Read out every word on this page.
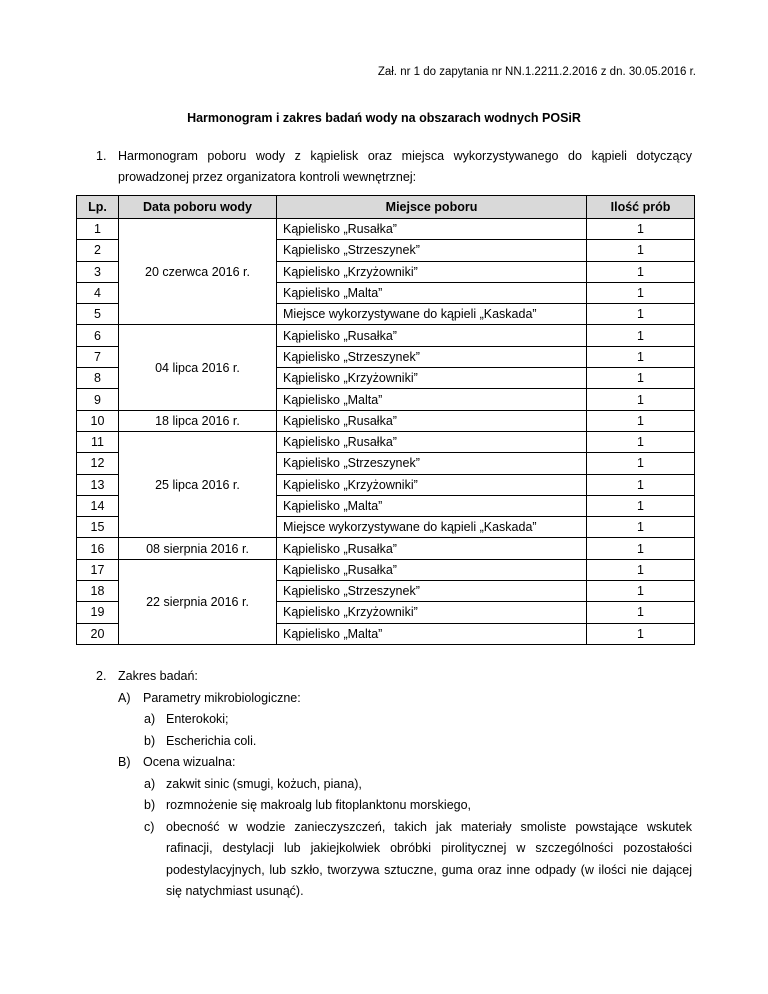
Zał. nr 1 do zapytania nr NN.1.2211.2.2016 z dn. 30.05.2016 r.
Harmonogram i zakres badań wody na obszarach wodnych POSiR
1. Harmonogram poboru wody z kąpielisk oraz miejsca wykorzystywanego do kąpieli dotyczący prowadzonej przez organizatora kontroli wewnętrznej:
Lp.	Data poboru wody	Miejsce poboru	Ilość prób
1	20 czerwca 2016 r.	Kąpielisko „Rusałka”	1
2		Kąpielisko „Strzeszynek”	1
3		Kąpielisko „Krzyżowniki”	1
4		Kąpielisko „Malta”	1
5		Miejsce wykorzystywane do kąpieli „Kaskada”	1
6	04 lipca 2016 r.	Kąpielisko „Rusałka”	1
7		Kąpielisko „Strzeszynek”	1
8		Kąpielisko „Krzyżowniki”	1
9		Kąpielisko „Malta”	1
10	18 lipca 2016 r.	Kąpielisko „Rusałka”	1
11	25 lipca 2016 r.	Kąpielisko „Rusałka”	1
12		Kąpielisko „Strzeszynek”	1
13		Kąpielisko „Krzyżowniki”	1
14		Kąpielisko „Malta”	1
15		Miejsce wykorzystywane do kąpieli „Kaskada”	1
16	08 sierpnia 2016 r.	Kąpielisko „Rusałka”	1
17	22 sierpnia 2016 r.	Kąpielisko „Rusałka”	1
18		Kąpielisko „Strzeszynek”	1
19		Kąpielisko „Krzyżowniki”	1
20		Kąpielisko „Malta”	1
2. Zakres badań:
A) Parametry mikrobiologiczne:
a) Enterokoki;
b) Escherichia coli.
B) Ocena wizualna:
a) zakwit sinic (smugi, kożuch, piana),
b) rozmnożenie się makroalg lub fitoplanktonu morskiego,
c) obecność w wodzie zanieczyszczeń, takich jak materiały smoliste powstające wskutek rafinacji, destylacji lub jakiejkolwiek obróbki pirolitycznej w szczególności pozostałości podestylacyjnych, lub szkło, tworzywa sztuczne, guma oraz inne odpady (w ilości nie dającej się natychmiast usunąć).
